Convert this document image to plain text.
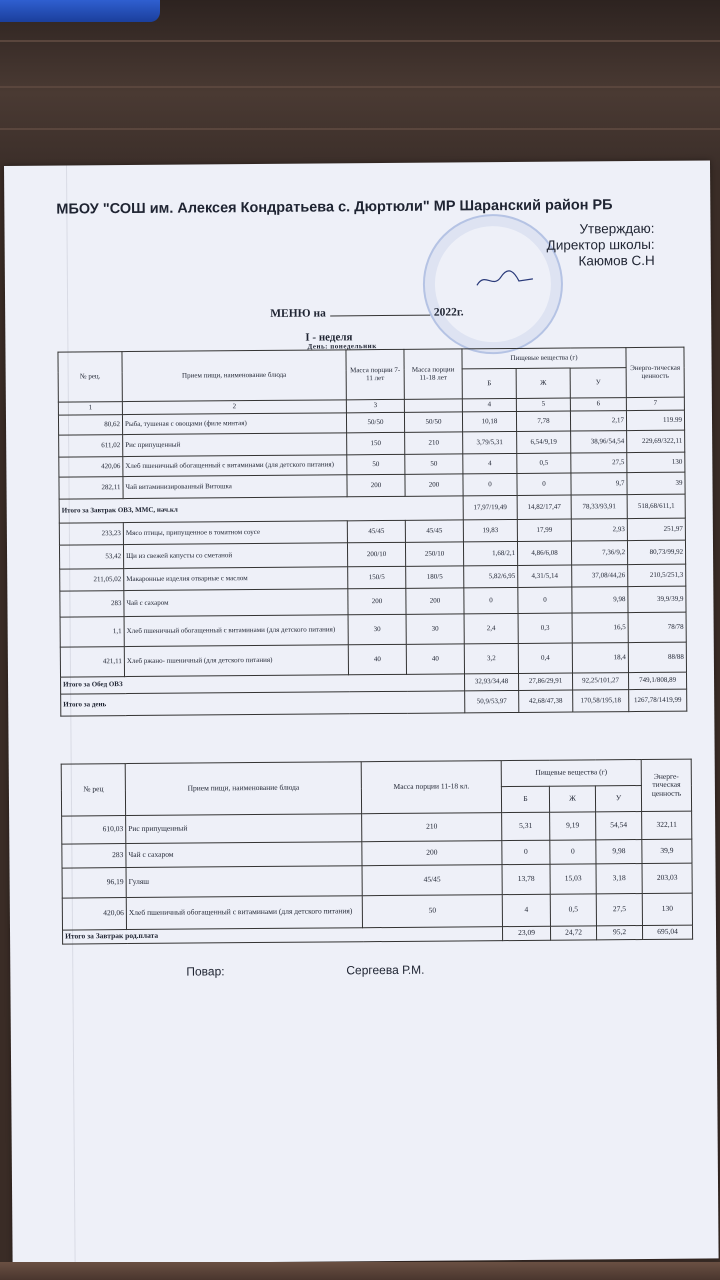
МБОУ "СОШ им. Алексея Кондратьева с. Дюртюли" МР Шаранский район РБ
Утверждаю:
Директор школы:
Каюмов С.Н
МЕНЮ на	2022г.
I - неделя
День: понедельник
№ рец.	Прием пищи, наименование блюда	Масса порции 7-11 лет	Масса порции 11-18 лет	Пищевые вещества (г)			Энерго-тическая ценность
				Б	Ж	У	
1	2	3		4	5	6	7
80,62	Рыба, тушеная с овощами (филе минтая)	50/50	50/50	10,18	7,78	2,17	119.99
611,02	Рис припущенный	150	210	3,79/5,31	6,54/9,19	38,96/54,54	229,69/322,11
420,06	Хлеб пшеничный обогащенный с витаминами (для детского питания)	50	50	4	0,5	27,5	130
282,11	Чай витаминизированный Витошка	200	200	0	0	9,7	39
Итого за Завтрак ОВЗ, ММС, нач.кл				17,97/19,49	14,82/17,47	78,33/93,91	518,68/611,1
233,23	Мясо птицы, припущенное в томатном соусе	45/45	45/45	19,83	17,99	2,93	251,97
53,42	Щи из свежей капусты со сметаной	200/10	250/10	1,68/2,1	4,86/6,08	7,36/9,2	80,73/99,92
211,05,02	Макаронные изделия отварные с маслом	150/5	180/5	5,82/6,95	4,31/5,14	37,08/44,26	210,5/251,3
283	Чай с сахаром	200	200	0	0	9,98	39,9/39,9
1,1	Хлеб пшеничный обогащенный с витаминами (для детского питания)	30	30	2,4	0,3	16,5	78/78
421,11	Хлеб ржано- пшеничный (для детского питания)	40	40	3,2	0,4	18,4	88/88
Итого за Обед ОВЗ				32,93/34,48	27,86/29,91	92,25/101,27	749,1/808,89
Итого за день				50,9/53,97	42,68/47,38	170,58/195,18	1267,78/1419,99
№ рец	Прием пищи, наименование блюда	Масса порции 11-18 кл.	Пищевые вещества (г)			Энерге-тическая ценность
			Б	Ж	У	
610,03	Рис припущенный	210	5,31	9,19	54,54	322,11
283	Чай с сахаром	200	0	0	9,98	39,9
96,19	Гуляш	45/45	13,78	15,03	3,18	203,03
420,06	Хлеб пшеничный обогащенный с витаминами (для детского питания)	50	4	0,5	27,5	130
Итого за Завтрак род.плата			23,09	24,72	95,2	695,04
Повар:	Сергеева Р.М.
